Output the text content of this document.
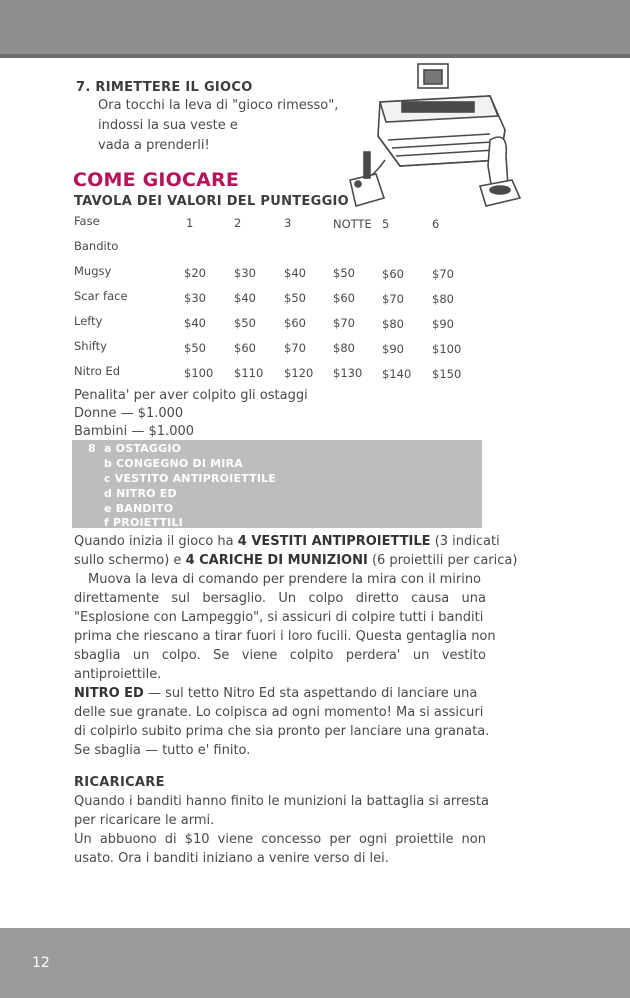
7. RIMETTERE IL GIOCO
Ora tocchi la leva di "gioco rimesso",
indossi la sua veste e
vada a prenderli!
COME GIOCARE
TAVOLA DEI VALORI DEL PUNTEGGIO
Fase	1	2	3	NOTTE 5	6
Bandito
Mugsy	$20 $30 $40 $50 $60 $70
Scar face	$30 $40 $50 $60 $70 $80
Lefty	$40 $50 $60 $70 $80 $90
Shifty	$50 $60 $70 $80 $90 $100
Nitro Ed	$100 $110 $120 $130 $140 $150
Penalita' per aver colpito gli ostaggi
Donne — $1.000
Bambini — $1.000
8 a OSTAGGIO
b CONGEGNO DI MIRA
c VESTITO ANTIPROIETTILE
d NITRO ED
e BANDITO
f PROIETTILI
Quando inizia il gioco ha 4 VESTITI ANTIPROIETTILE (3 indicati
sullo schermo) e 4 CARICHE DI MUNIZIONI (6 proiettili per carica)
Muova la leva di comando per prendere la mira con il mirino
direttamente sul bersaglio. Un colpo diretto causa una
"Esplosione con Lampeggio", si assicuri di colpire tutti i banditi
prima che riescano a tirar fuori i loro fucili. Questa gentaglia non
sbaglia un colpo. Se viene colpito perdera' un vestito
antiproiettile.
NITRO ED — sul tetto Nitro Ed sta aspettando di lanciare una
delle sue granate. Lo colpisca ad ogni momento! Ma si assicuri
di colpirlo subito prima che sia pronto per lanciare una granata.
Se sbaglia — tutto e' finito.
RICARICARE
Quando i banditi hanno finito le munizioni la battaglia si arresta
per ricaricare le armi.
Un abbuono di $10 viene concesso per ogni proiettile non
usato. Ora i banditi iniziano a venire verso di lei.
12
